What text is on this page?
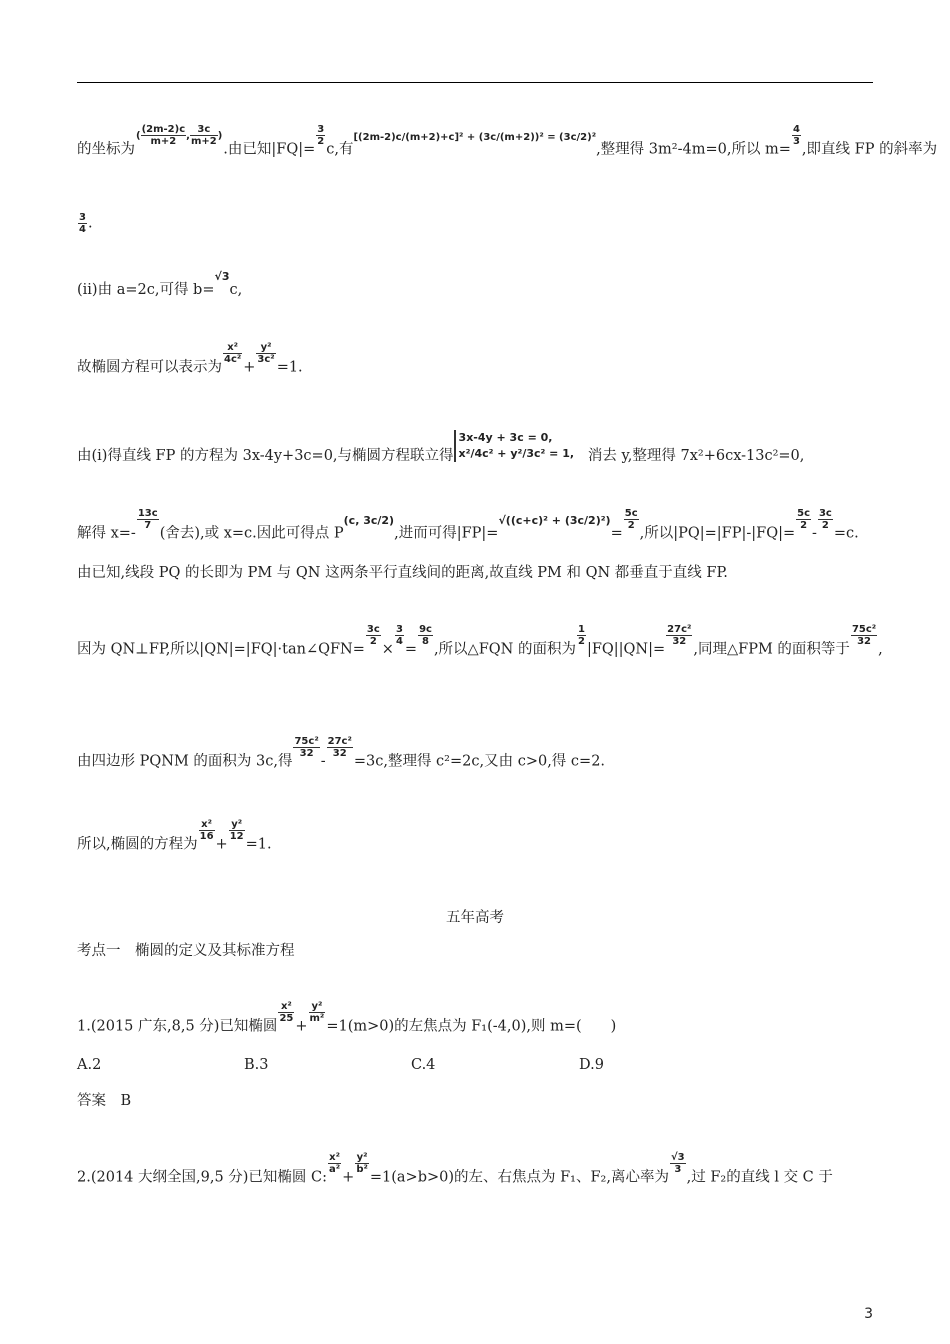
的坐标为( $\frac{(2m-2)c}{m+2}$ , $\frac{3c}{m+2}$ ).由已知|FQ|=
$\frac{3}{2}$
c,有$^{[(2m-2)c/(m+2)+c]^2 + (3c/(m+2))^2 = (3c/2)^2}$,整理得 3m²-4m=0,所以 m=
$\frac{4}{3}$
,即直线 FP 的斜率为
$\frac{3}{4}$ .
(ii)由 a=2c,可得 b=$^{√3}$c,
故椭圆方程可以表示为
$\frac{\text{x²}}{\text{4c²}}$
+
$\frac{\text{y²}}{\text{3c²}}$
=1.
由(i)得直线 FP 的方程为 3x-4y+3c=0,与椭圆方程联立得
3x-4y + 3c = 0,
x²/4c² + y²/3c² = 1, 消去 y,整理得 7x²+6cx-13c²=0,
解得 x=-
$\frac{13c}{7}$
(舍去),或 x=c.因此可得点 $P^{(c, 3c/2)}$,进而可得|FP|=$^{√((c+c)^2 + (3c/2)^2)}$=
$\frac{5c}{2}$
,所以|PQ|=|FP|-|FQ|=
$\frac{5c}{2}$
-
$\frac{3c}{2}$
=c.
由已知,线段 PQ 的长即为 PM 与 QN 这两条平行直线间的距离,故直线 PM 和 QN 都垂直于直线 FP.
因为 QN⊥FP,所以|QN|=|FQ|·tan∠QFN=
$\frac{3c}{2}$
×
$\frac{3}{4}$
=
$\frac{9c}{8}$
,所以△FQN 的面积为
$\frac{1}{2}$
|FQ||QN|=
$\frac{\text{27c²}}{32}$
,同理△FPM 的面积等于
$\frac{\text{75c²}}{32}$
,
由四边形 PQNM 的面积为 3c,得
$\frac{\text{75c²}}{32}$
-
$\frac{\text{27c²}}{32}$
=3c,整理得 c²=2c,又由 c>0,得 c=2.
所以,椭圆的方程为
$\frac{\text{x²}}{16}$
+
$\frac{\text{y²}}{12}$
=1.
五年高考
考点一　椭圆的定义及其标准方程
1.(2015 广东,8,5 分)已知椭圆
$\frac{\text{x²}}{25}$
+
$\frac{\text{y²}}{\text{m²}}$
=1(m>0)的左焦点为 F₁(-4,0),则 m=(　　)
A.2	B.3	C.4	D.9
答案　B
2.(2014 大纲全国,9,5 分)已知椭圆 C:
$\frac{\text{x²}}{\text{a²}}$
+
$\frac{\text{y²}}{\text{b²}}$
=1(a>b>0)的左、右焦点为 F₁、F₂,离心率为
$\frac{√3}{3}$
,过 F₂的直线 l 交 C 于
3
